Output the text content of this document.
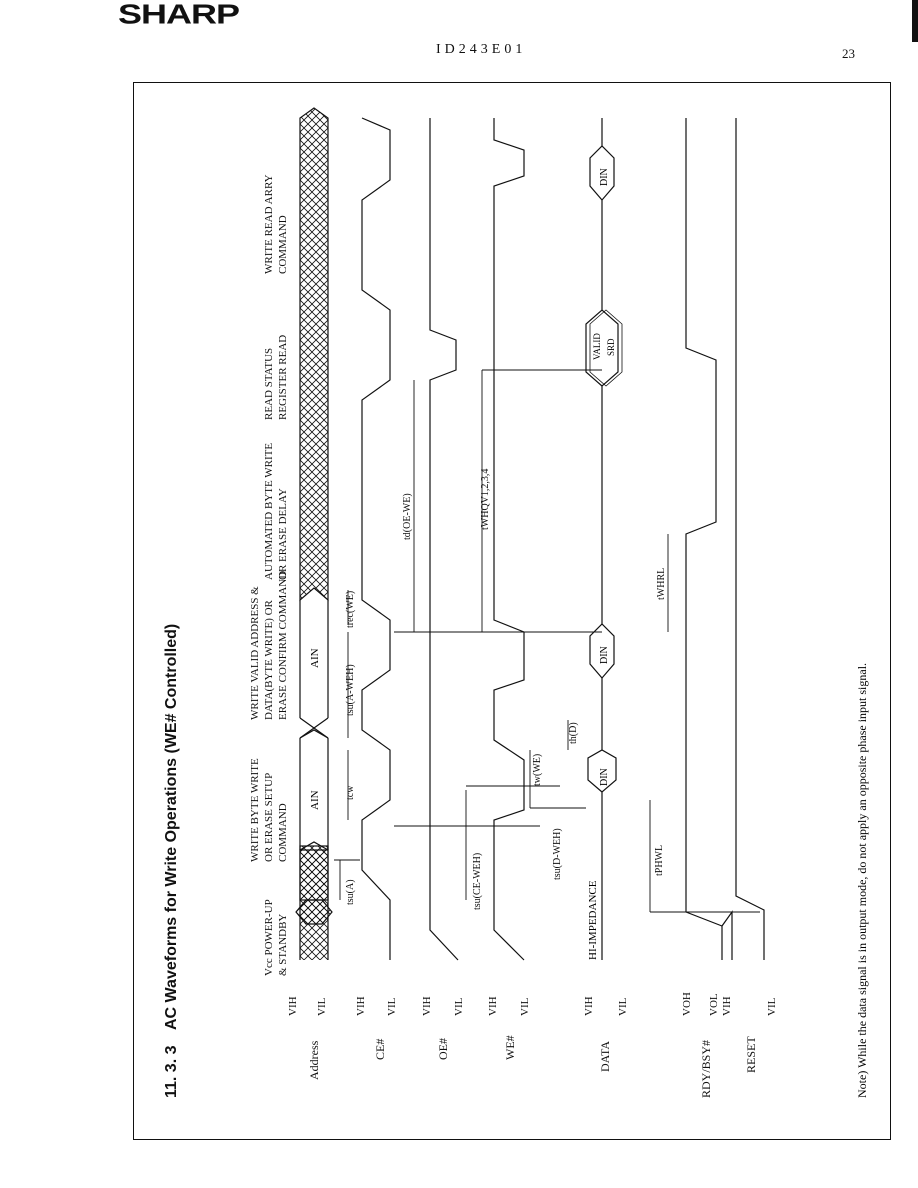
SHARP
ID243E01	23
11. 3. 3
AC Waveforms for Write Operations (WE# Controlled)
Address	CE#	OE#	WE#	DATA	RDY/BSY#	RESET
VIH VIL VIH VIL VIH VIL VIH VIL	VIH VIL	VOH VOL VIH	VIL
Vcc POWER-UP & STANDBY
WRITE BYTE WRITE OR ERASE SETUP COMMAND
WRITE VALID ADDRESS & DATA(BYTE WRITE) OR ERASE CONFIRM COMMAND
AUTOMATED BYTE WRITE OR ERASE DELAY
READ STATUS REGISTER READ
WRITE READ ARRY COMMAND
AIN
AIN
HI-IMPEDANCE
DIN
DIN
VALID SRD
DIN
tsu(A)
tcw
tsu(A-WEH)
trec(WE)
tsu(CE-WEH)	tsu(D-WEH)
tw(WE)
th(D)
td(OE-WE)	tWHQV1,2,3,4
tWHRL
tPHWL	Note) While the data signal is in output mode, do not apply an opposite phase input signal.
